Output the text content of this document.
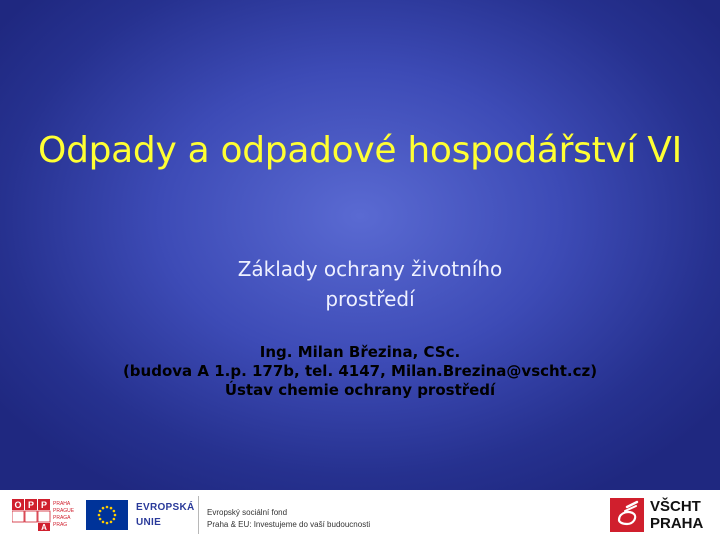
Odpady a odpadové hospodářství VI
Základy ochrany životního prostředí
Ing. Milan Březina, CSc.
(budova A 1.p. 177b, tel. 4147, Milan.Brezina@vscht.cz)
Ústav chemie ochrany prostředí
O P P
A
PRAHA
PRAGUE
PRAGA
PRAG
EVROPSKÁ
UNIE
Evropský sociální fond
Praha & EU: Investujeme do vaší budoucnosti
VŠCHT
PRAHA
